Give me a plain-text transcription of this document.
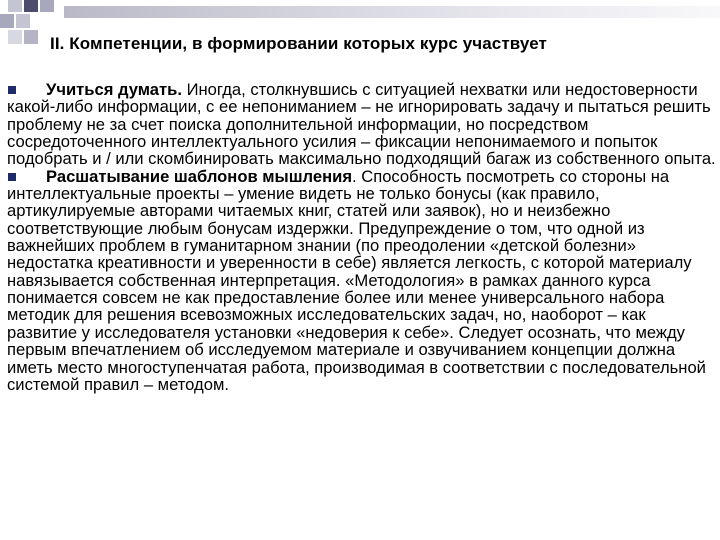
II. Компетенции, в формировании которых курс участвует

Учиться думать. Иногда, столкнувшись с ситуацией нехватки или недостоверности какой-либо информации, с ее непониманием – не игнорировать задачу и пытаться решить проблему не за счет поиска дополнительной информации, но посредством сосредоточенного интеллектуального усилия – фиксации непонимаемого и попыток подобрать и / или скомбинировать максимально подходящий багаж из собственного опыта.

Расшатывание шаблонов мышления. Способность посмотреть со стороны на интеллектуальные проекты – умение видеть не только бонусы (как правило, артикулируемые авторами читаемых книг, статей или заявок), но и неизбежно соответствующие любым бонусам издержки. Предупреждение о том, что одной из важнейших проблем в гуманитарном знании (по преодолении «детской болезни» недостатка креативности и уверенности в себе) является легкость, с которой материалу навязывается собственная интерпретация. «Методология» в рамках данного курса понимается совсем не как предоставление более или менее универсального набора методик для решения всевозможных исследовательских задач, но, наоборот – как развитие у исследователя установки «недоверия к себе». Следует осознать, что между первым впечатлением об исследуемом материале и озвучиванием концепции должна иметь место многоступенчатая работа, производимая в соответствии с последовательной системой правил – методом.
